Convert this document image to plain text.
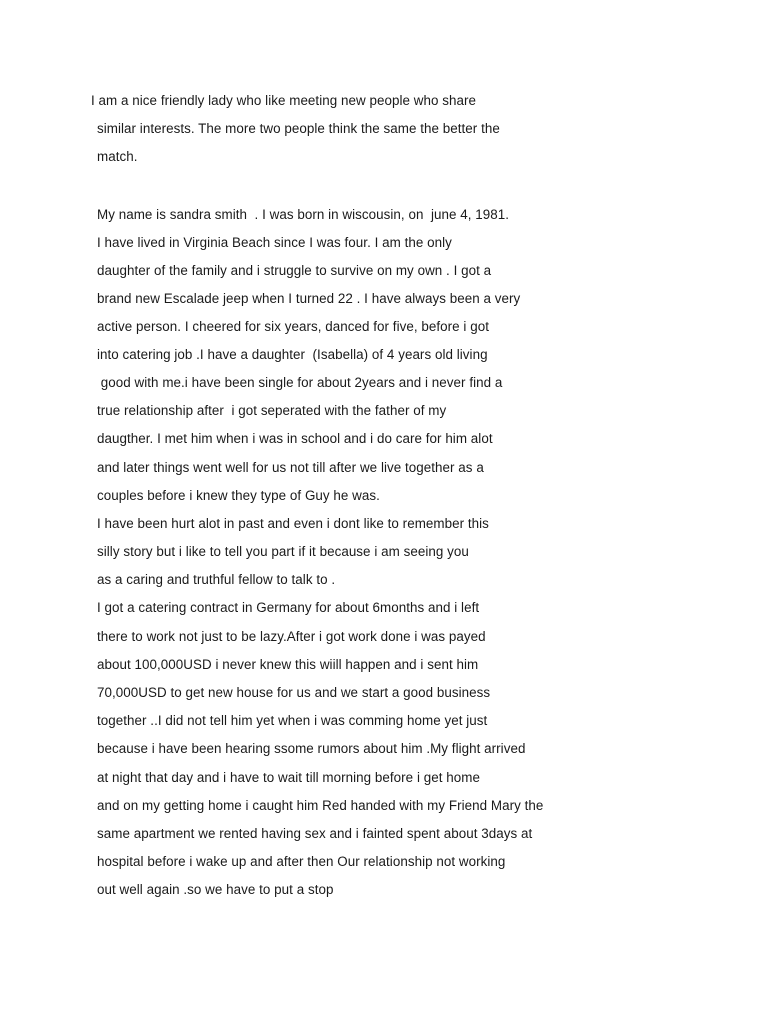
I am a nice friendly lady who like meeting new people who share
similar interests. The more two people think the same the better the
match.
My name is sandra smith  . I was born in wiscousin, on  june 4, 1981.
I have lived in Virginia Beach since I was four. I am the only
daughter of the family and i struggle to survive on my own . I got a
brand new Escalade jeep when I turned 22 . I have always been a very
active person. I cheered for six years, danced for five, before i got
into catering job .I have a daughter  (Isabella) of 4 years old living
good with me.i have been single for about 2years and i never find a
true relationship after  i got seperated with the father of my
daugther. I met him when i was in school and i do care for him alot
and later things went well for us not till after we live together as a
couples before i knew they type of Guy he was.
I have been hurt alot in past and even i dont like to remember this
silly story but i like to tell you part if it because i am seeing you
as a caring and truthful fellow to talk to .
I got a catering contract in Germany for about 6months and i left
there to work not just to be lazy.After i got work done i was payed
about 100,000USD i never knew this wiill happen and i sent him
70,000USD to get new house for us and we start a good business
together ..I did not tell him yet when i was comming home yet just
because i have been hearing ssome rumors about him .My flight arrived
at night that day and i have to wait till morning before i get home
and on my getting home i caught him Red handed with my Friend Mary the
same apartment we rented having sex and i fainted spent about 3days at
hospital before i wake up and after then Our relationship not working
out well again .so we have to put a stop
